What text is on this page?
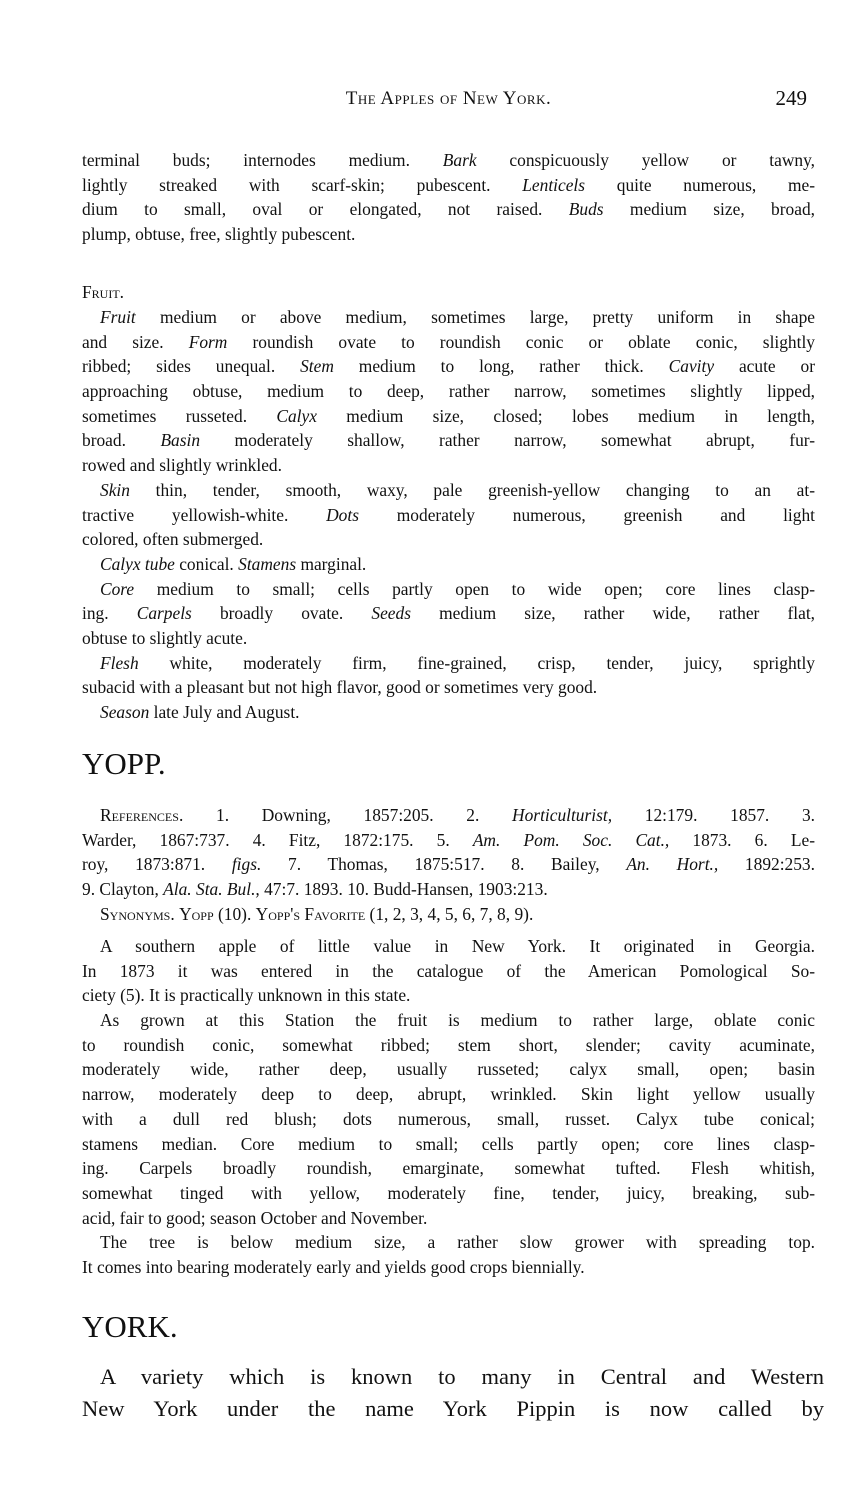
The Apples of New York.	249
terminal buds; internodes medium. Bark conspicuously yellow or tawny,
lightly streaked with scarf-skin; pubescent. Lenticels quite numerous, me-
dium to small, oval or elongated, not raised. Buds medium size, broad,
plump, obtuse, free, slightly pubescent.
Fruit.
Fruit medium or above medium, sometimes large, pretty uniform in shape
and size. Form roundish ovate to roundish conic or oblate conic, slightly
ribbed; sides unequal. Stem medium to long, rather thick. Cavity acute or
approaching obtuse, medium to deep, rather narrow, sometimes slightly lipped,
sometimes russeted. Calyx medium size, closed; lobes medium in length,
broad. Basin moderately shallow, rather narrow, somewhat abrupt, fur-
rowed and slightly wrinkled.
Skin thin, tender, smooth, waxy, pale greenish-yellow changing to an at-
tractive yellowish-white. Dots moderately numerous, greenish and light
colored, often submerged.
Calyx tube conical. Stamens marginal.
Core medium to small; cells partly open to wide open; core lines clasp-
ing. Carpels broadly ovate. Seeds medium size, rather wide, rather flat,
obtuse to slightly acute.
Flesh white, moderately firm, fine-grained, crisp, tender, juicy, sprightly
subacid with a pleasant but not high flavor, good or sometimes very good.
Season late July and August.
YOPP.
References. 1. Downing, 1857:205. 2. Horticulturist, 12:179. 1857. 3.
Warder, 1867:737. 4. Fitz, 1872:175. 5. Am. Pom. Soc. Cat., 1873. 6. Le-
roy, 1873:871. figs. 7. Thomas, 1875:517. 8. Bailey, An. Hort., 1892:253.
9. Clayton, Ala. Sta. Bul., 47:7. 1893. 10. Budd-Hansen, 1903:213.
Synonyms. Yopp (10). Yopp's Favorite (1, 2, 3, 4, 5, 6, 7, 8, 9).
A southern apple of little value in New York. It originated in Georgia.
In 1873 it was entered in the catalogue of the American Pomological So-
ciety (5). It is practically unknown in this state.
As grown at this Station the fruit is medium to rather large, oblate conic
to roundish conic, somewhat ribbed; stem short, slender; cavity acuminate,
moderately wide, rather deep, usually russeted; calyx small, open; basin
narrow, moderately deep to deep, abrupt, wrinkled. Skin light yellow usually
with a dull red blush; dots numerous, small, russet. Calyx tube conical;
stamens median. Core medium to small; cells partly open; core lines clasp-
ing. Carpels broadly roundish, emarginate, somewhat tufted. Flesh whitish,
somewhat tinged with yellow, moderately fine, tender, juicy, breaking, sub-
acid, fair to good; season October and November.
The tree is below medium size, a rather slow grower with spreading top.
It comes into bearing moderately early and yields good crops biennially.
YORK.
A variety which is known to many in Central and Western
New York under the name York Pippin is now called by
